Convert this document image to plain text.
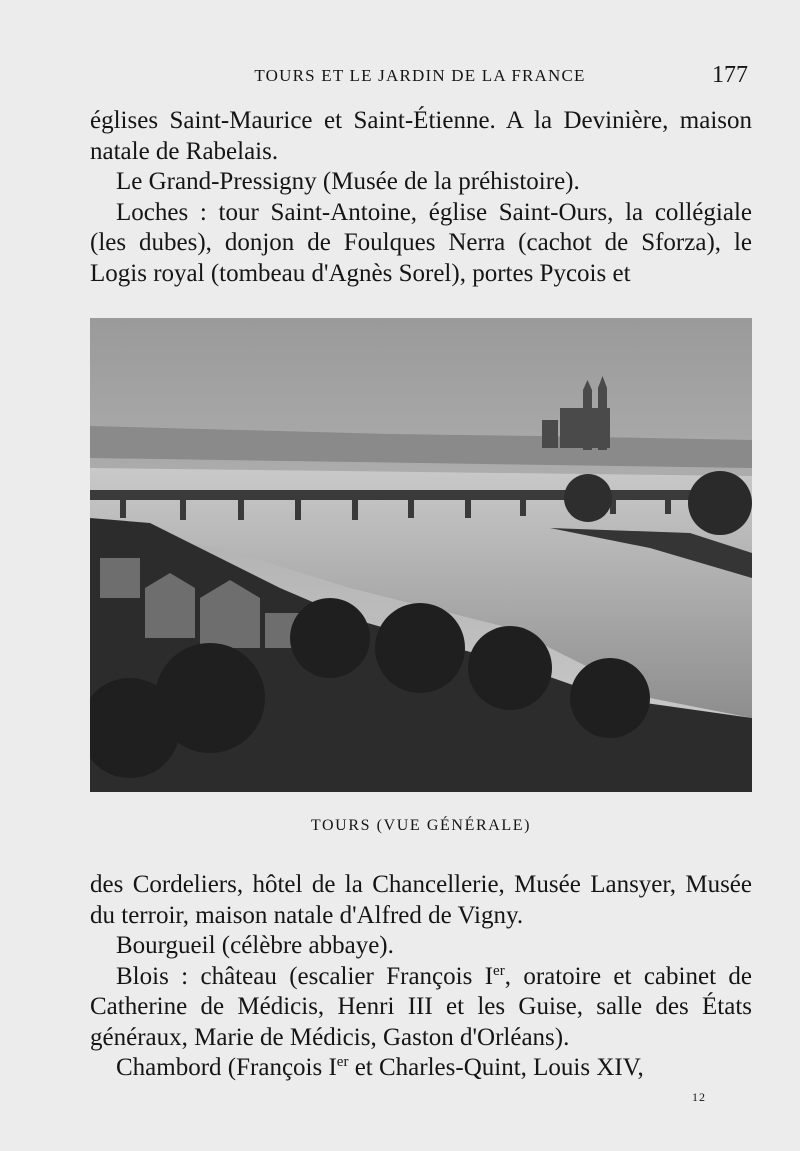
TOURS ET LE JARDIN DE LA FRANCE	177

églises Saint-Maurice et Saint-Étienne. A la Devinière, maison natale de Rabelais.

Le Grand-Pressigny (Musée de la préhistoire).

Loches : tour Saint-Antoine, église Saint-Ours, la collégiale (les dubes), donjon de Foulques Nerra (cachot de Sforza), le Logis royal (tombeau d'Agnès Sorel), portes Pycois et

TOURS (VUE GÉNÉRALE)

des Cordeliers, hôtel de la Chancellerie, Musée Lansyer, Musée du terroir, maison natale d'Alfred de Vigny.

Bourgueil (célèbre abbaye).

Blois : château (escalier François Ier, oratoire et cabinet de Catherine de Médicis, Henri III et les Guise, salle des États généraux, Marie de Médicis, Gaston d'Orléans).

Chambord (François Ier et Charles-Quint, Louis XIV,

12
